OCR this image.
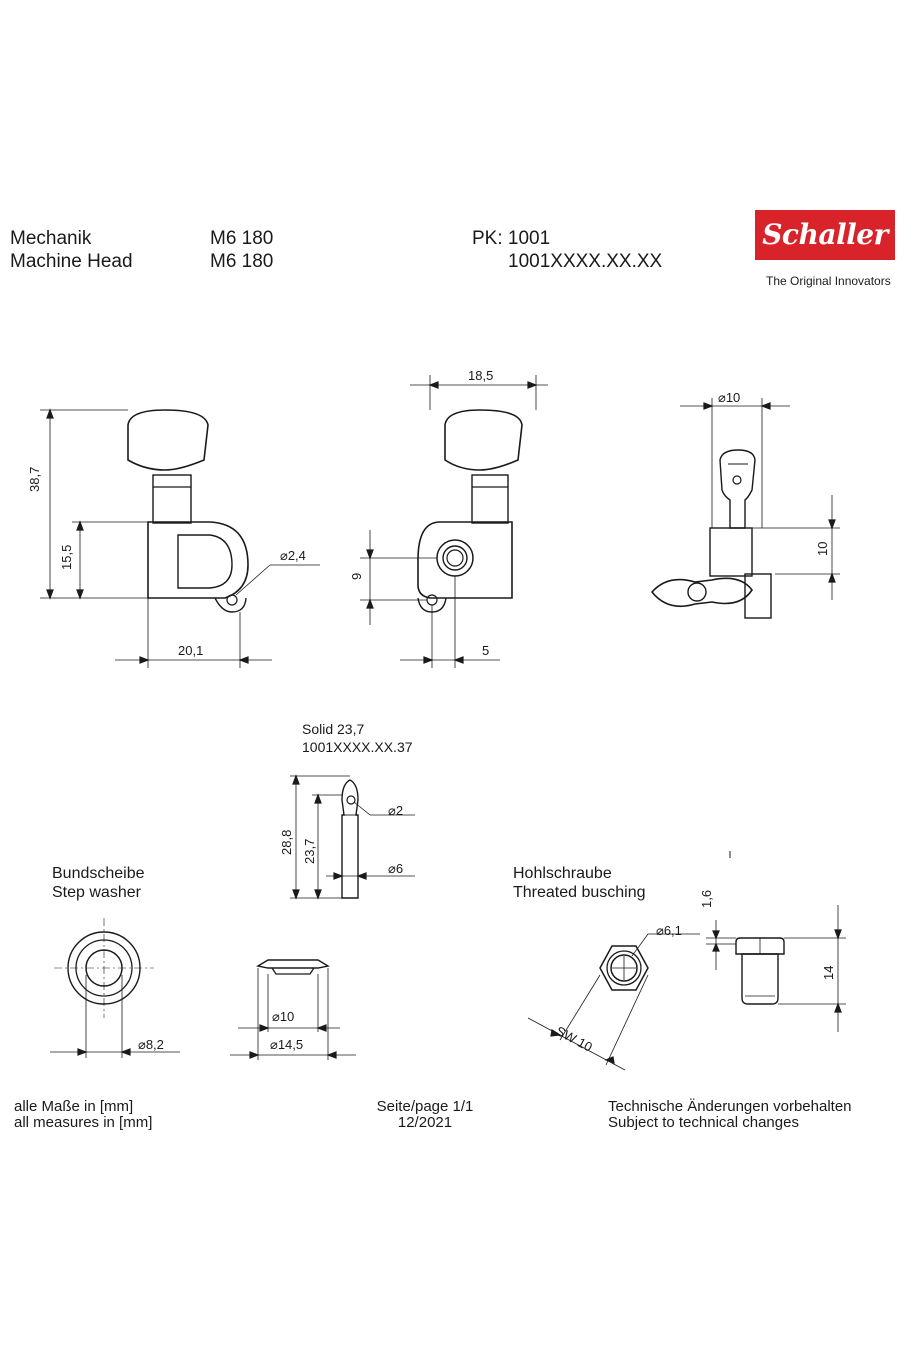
Mechanik
Machine Head
M6 180
M6 180
PK: 1001
1001XXXX.XX.XX
Schaller
The Original Innovators
38,7
15,5	⌀2,4
20,1
18,5
9
5
⌀10
10
Solid 23,7
1001XXXX.XX.37
28,8 23,7
⌀2
⌀6
Bundscheibe
Step washer
⌀8,2
⌀10
⌀14,5
Hohlschraube
Threated busching
⌀6,1
SW 10
1,6
14
alle Maße in [mm]
all measures in [mm]
Seite/page 1/1
12/2021
Technische Änderungen vorbehalten
Subject to technical changes
